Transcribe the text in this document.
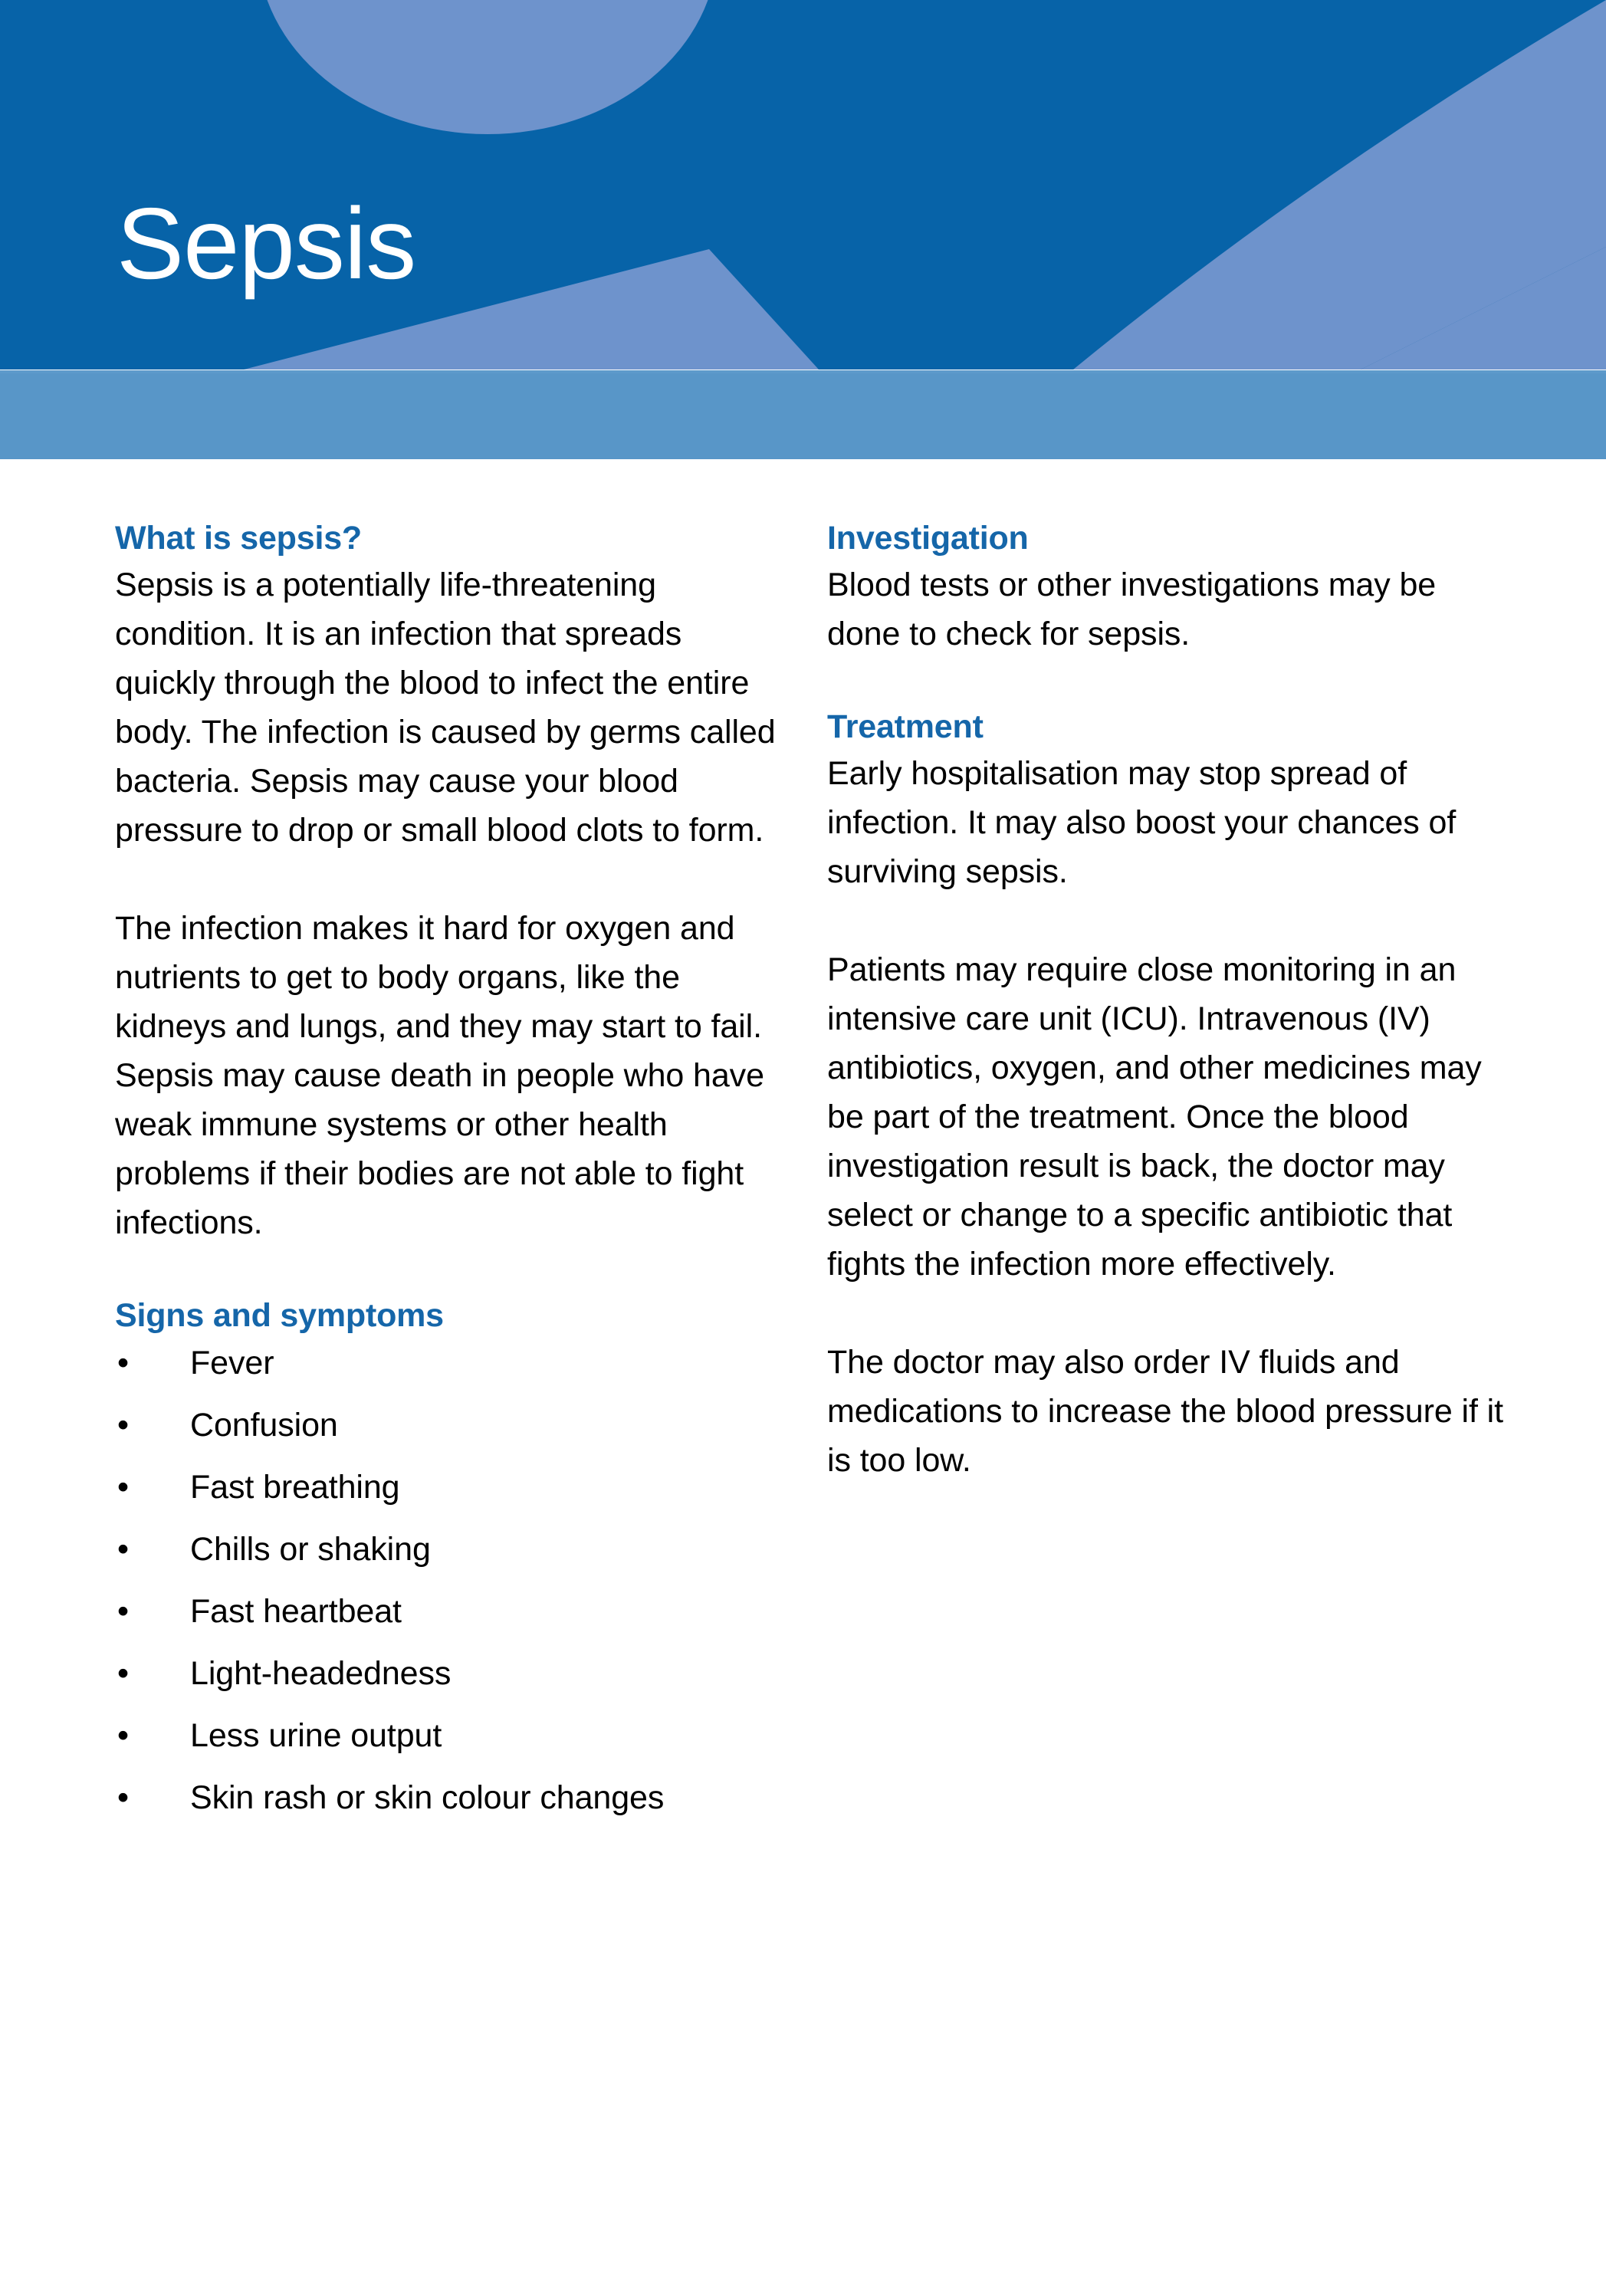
Sepsis
What is sepsis?

Sepsis is a potentially life-threatening condition. It is an infection that spreads quickly through the blood to infect the entire body. The infection is caused by germs called bacteria. Sepsis may cause your blood pressure to drop or small blood clots to form.

The infection makes it hard for oxygen and nutrients to get to body organs, like the kidneys and lungs, and they may start to fail. Sepsis may cause death in people who have weak immune systems or other health problems if their bodies are not able to fight infections.

Signs and symptoms
• Fever
• Confusion
• Fast breathing
• Chills or shaking
• Fast heartbeat
• Light-headedness
• Less urine output
• Skin rash or skin colour changes
Investigation

Blood tests or other investigations may be done to check for sepsis.

Treatment

Early hospitalisation may stop spread of infection. It may also boost your chances of surviving sepsis.

Patients may require close monitoring in an intensive care unit (ICU). Intravenous (IV) antibiotics, oxygen, and other medicines may be part of the treatment. Once the blood investigation result is back, the doctor may select or change to a specific antibiotic that fights the infection more effectively.

The doctor may also order IV fluids and medications to increase the blood pressure if it is too low.
